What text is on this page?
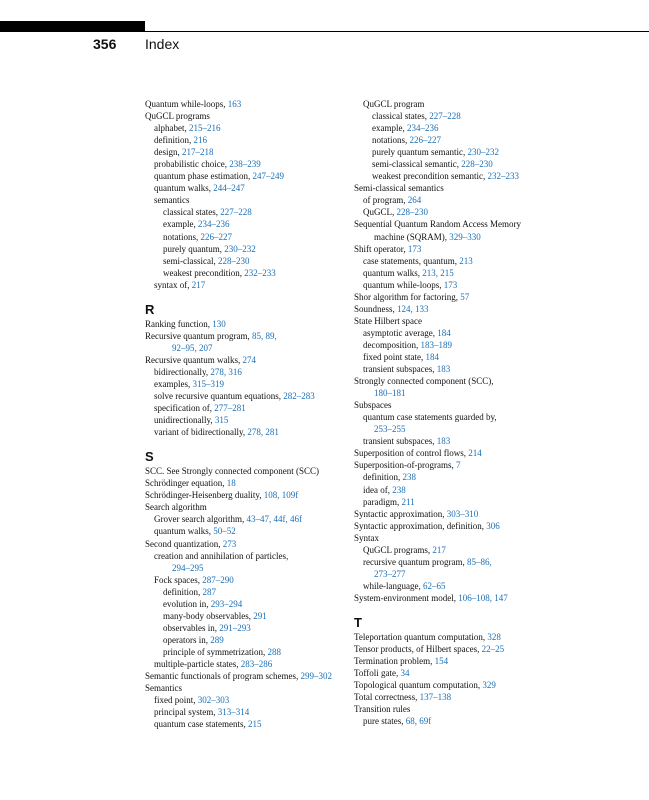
356 Index
Quantum while-loops, 163
QuGCL programs
alphabet, 215–216
definition, 216
design, 217–218
probabilistic choice, 238–239
quantum phase estimation, 247–249
quantum walks, 244–247
semantics
classical states, 227–228
example, 234–236
notations, 226–227
purely quantum, 230–232
semi-classical, 228–230
weakest precondition, 232–233
syntax of, 217
R
Ranking function, 130
Recursive quantum program, 85, 89,
92–95, 207
Recursive quantum walks, 274
bidirectionally, 278, 316
examples, 315–319
solve recursive quantum equations, 282–283
specification of, 277–281
unidirectionally, 315
variant of bidirectionally, 278, 281
S
SCC. See Strongly connected component (SCC)
Schrödinger equation, 18
Schrödinger-Heisenberg duality, 108, 109f
Search algorithm
Grover search algorithm, 43–47, 44f, 46f
quantum walks, 50–52
Second quantization, 273
creation and annihilation of particles,
294–295
Fock spaces, 287–290
definition, 287
evolution in, 293–294
many-body observables, 291
observables in, 291–293
operators in, 289
principle of symmetrization, 288
multiple-particle states, 283–286
Semantic functionals of program schemes, 299–302
Semantics
fixed point, 302–303
principal system, 313–314
quantum case statements, 215
QuGCL program
classical states, 227–228
example, 234–236
notations, 226–227
purely quantum semantic, 230–232
semi-classical semantic, 228–230
weakest precondition semantic, 232–233
Semi-classical semantics
of program, 264
QuGCL, 228–230
Sequential Quantum Random Access Memory
machine (SQRAM), 329–330
Shift operator, 173
case statements, quantum, 213
quantum walks, 213, 215
quantum while-loops, 173
Shor algorithm for factoring, 57
Soundness, 124, 133
State Hilbert space
asymptotic average, 184
decomposition, 183–189
fixed point state, 184
transient subspaces, 183
Strongly connected component (SCC),
180–181
Subspaces
quantum case statements guarded by,
253–255
transient subspaces, 183
Superposition of control flows, 214
Superposition-of-programs, 7
definition, 238
idea of, 238
paradigm, 211
Syntactic approximation, 303–310
Syntactic approximation, definition, 306
Syntax
QuGCL programs, 217
recursive quantum program, 85–86,
273–277
while-language, 62–65
System-environment model, 106–108, 147
T
Teleportation quantum computation, 328
Tensor products, of Hilbert spaces, 22–25
Termination problem, 154
Toffoli gate, 34
Topological quantum computation, 329
Total correctness, 137–138
Transition rules
pure states, 68, 69f
